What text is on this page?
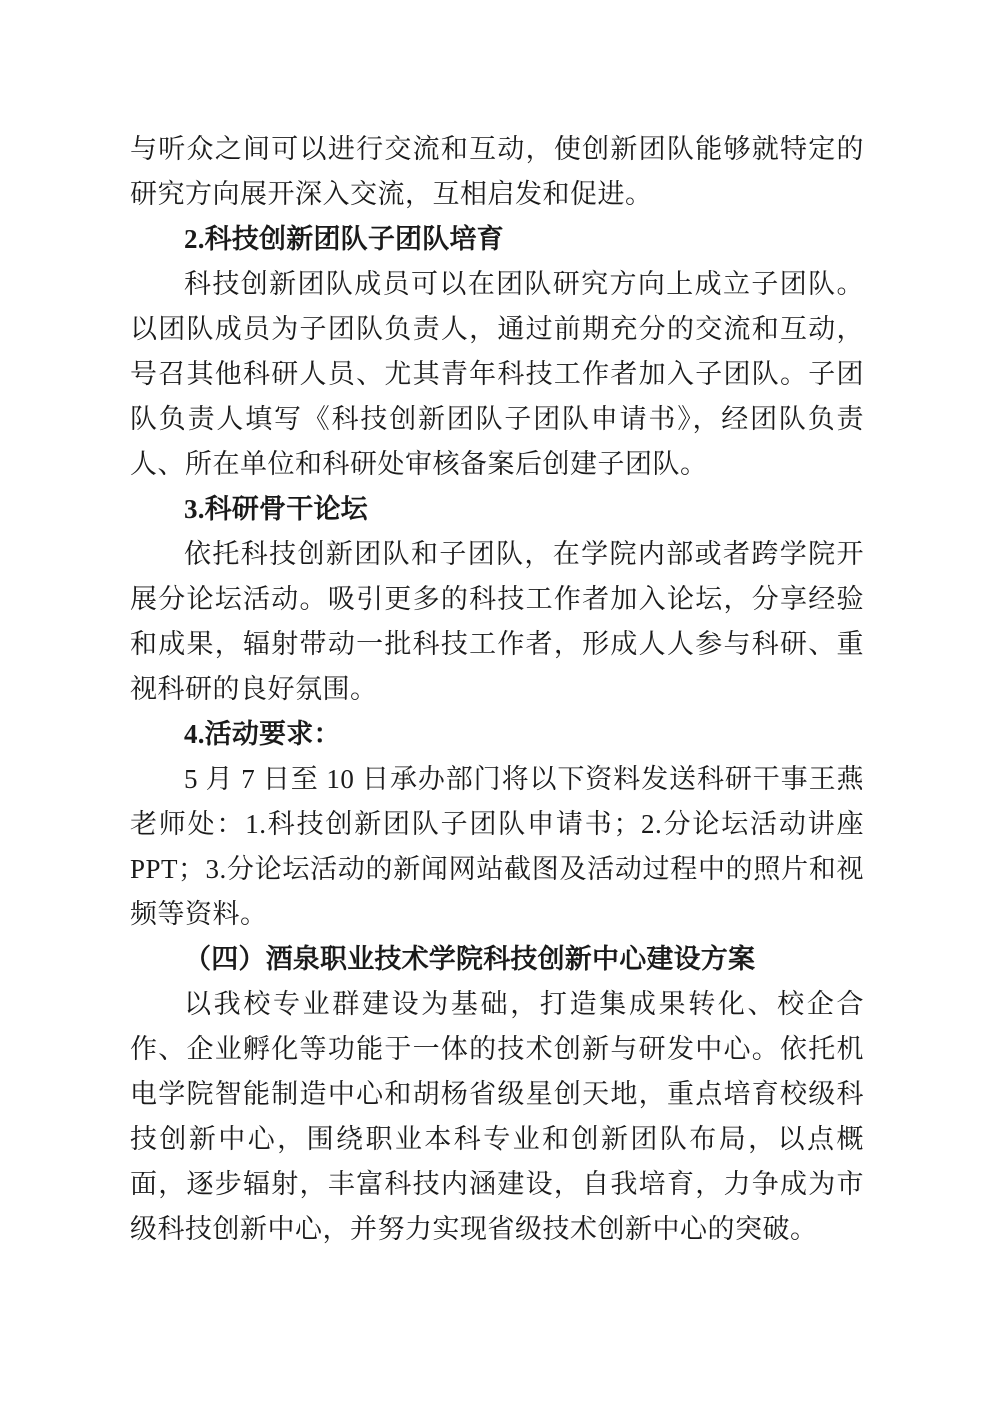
与听众之间可以进行交流和互动，使创新团队能够就特定的研究方向展开深入交流，互相启发和促进。

2.科技创新团队子团队培育

科技创新团队成员可以在团队研究方向上成立子团队。以团队成员为子团队负责人，通过前期充分的交流和互动，号召其他科研人员、尤其青年科技工作者加入子团队。子团队负责人填写《科技创新团队子团队申请书》，经团队负责人、所在单位和科研处审核备案后创建子团队。

3.科研骨干论坛

依托科技创新团队和子团队，在学院内部或者跨学院开展分论坛活动。吸引更多的科技工作者加入论坛，分享经验和成果，辐射带动一批科技工作者，形成人人参与科研、重视科研的良好氛围。

4.活动要求：

5 月 7 日至 10 日承办部门将以下资料发送科研干事王燕老师处：1.科技创新团队子团队申请书；2.分论坛活动讲座 PPT；3.分论坛活动的新闻网站截图及活动过程中的照片和视频等资料。

（四）酒泉职业技术学院科技创新中心建设方案

以我校专业群建设为基础，打造集成果转化、校企合作、企业孵化等功能于一体的技术创新与研发中心。依托机电学院智能制造中心和胡杨省级星创天地，重点培育校级科技创新中心，围绕职业本科专业和创新团队布局，以点概面，逐步辐射，丰富科技内涵建设，自我培育，力争成为市级科技创新中心，并努力实现省级技术创新中心的突破。
